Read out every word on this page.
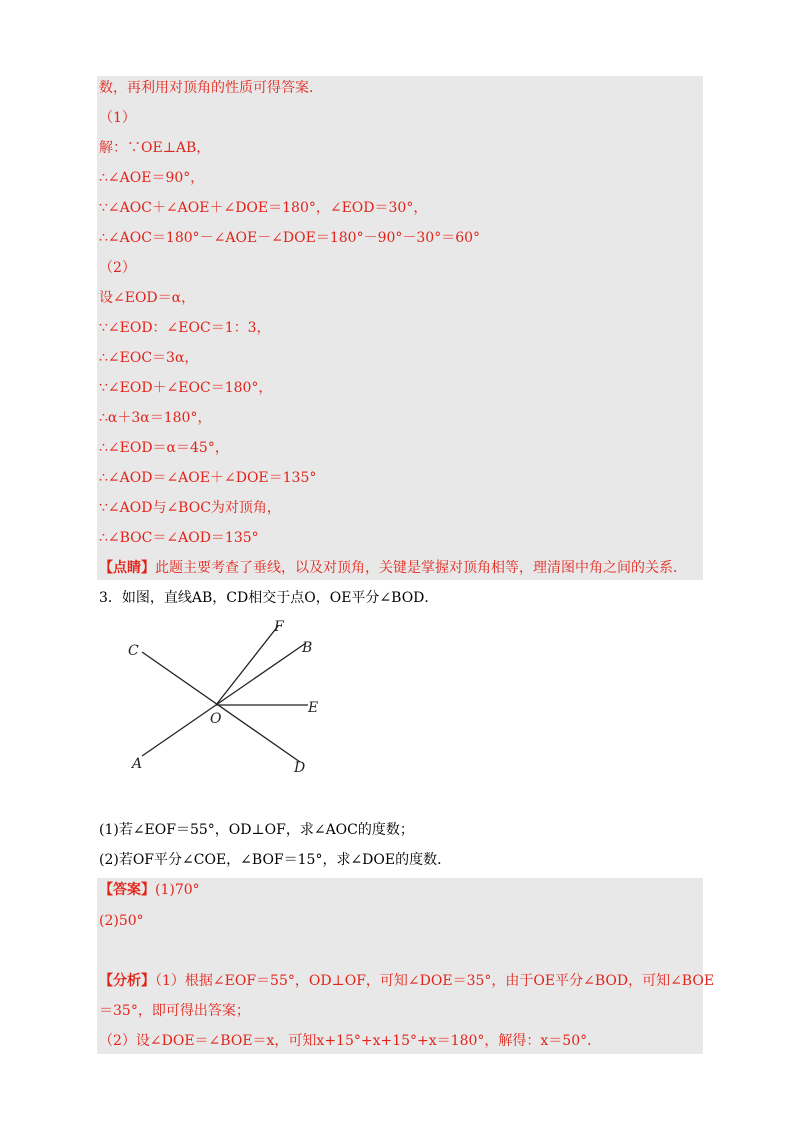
数，再利用对顶角的性质可得答案．
（1）
解：∵OE⊥AB，
∴∠AOE＝90°，
∵∠AOC＋∠AOE＋∠DOE＝180°，∠EOD＝30°，
∴∠AOC＝180°－∠AOE－∠DOE＝180°－90°－30°＝60°
（2）
设∠EOD＝α，
∵∠EOD：∠EOC＝1：3，
∴∠EOC＝3α，
∵∠EOD＋∠EOC＝180°，
∴α＋3α＝180°，
∴∠EOD＝α＝45°，
∴∠AOD＝∠AOE＋∠DOE＝135°
∵∠AOD与∠BOC为对顶角，
∴∠BOC＝∠AOD＝135°
【点睛】此题主要考查了垂线，以及对顶角，关键是掌握对顶角相等，理清图中角之间的关系．
3．如图，直线AB，CD相交于点O，OE平分∠BOD．
C
F
B
E
O
A	D
(1)若∠EOF＝55°，OD⊥OF，求∠AOC的度数；
(2)若OF平分∠COE，∠BOF＝15°，求∠DOE的度数．
【答案】(1)70°
(2)50°
【分析】（1）根据∠EOF＝55°，OD⊥OF，可知∠DOE＝35°，由于OE平分∠BOD，可知∠BOE
＝35°，即可得出答案；
（2）设∠DOE＝∠BOE＝x，可知x+15°+x+15°+x＝180°，解得：x＝50°．
